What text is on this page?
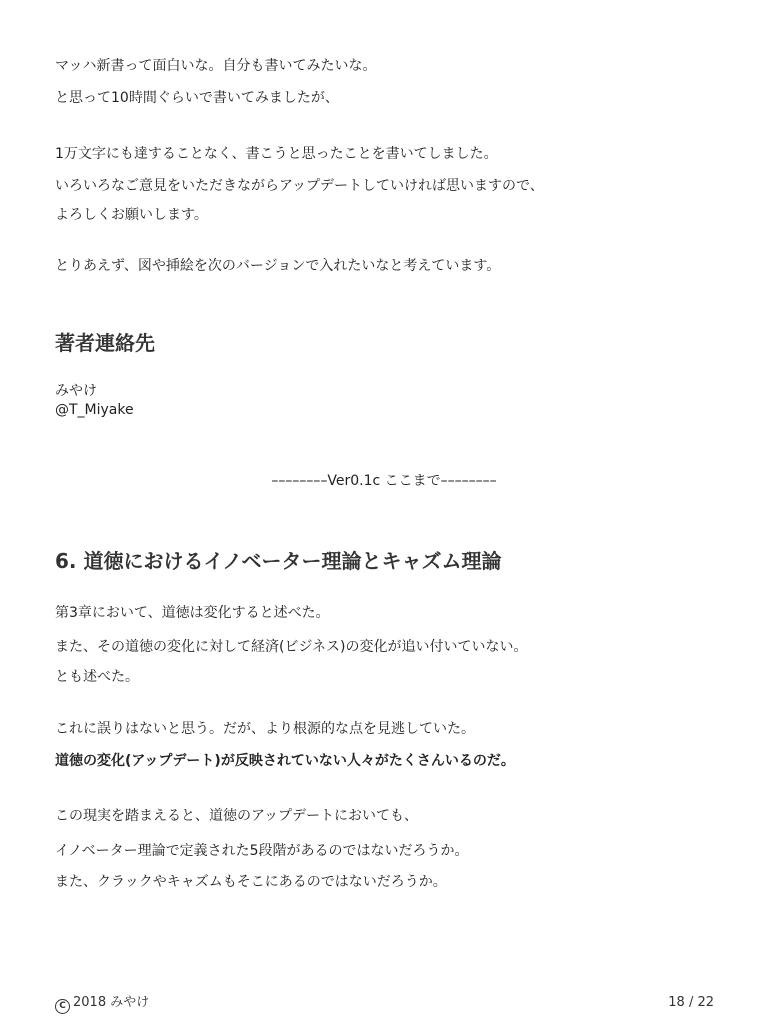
マッハ新書って面白いな。自分も書いてみたいな。
と思って10時間ぐらいで書いてみましたが、
1万文字にも達することなく、書こうと思ったことを書いてしました。
いろいろなご意見をいただきながらアップデートしていければ思いますので、
よろしくお願いします。
とりあえず、図や挿絵を次のバージョンで入れたいなと考えています。
著者連絡先
みやけ
@T_Miyake
––––––––Ver0.1c ここまで––––––––
6. 道徳におけるイノベーター理論とキャズム理論
第3章において、道徳は変化すると述べた。
また、その道徳の変化に対して経済(ビジネス)の変化が追い付いていない。
とも述べた。
これに誤りはないと思う。だが、より根源的な点を見逃していた。
道徳の変化(アップデート)が反映されていない人々がたくさんいるのだ。
この現実を踏まえると、道徳のアップデートにおいても、
イノベーター理論で定義された5段階があるのではないだろうか。
また、クラックやキャズムもそこにあるのではないだろうか。
C 2018 みやけ	18 / 22
